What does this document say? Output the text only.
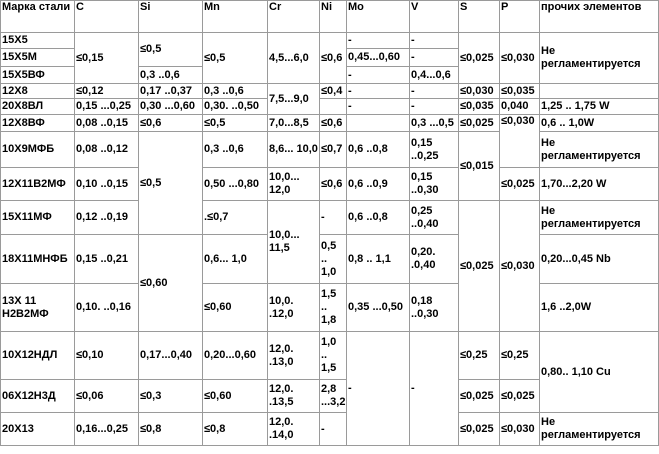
Марка стали	C	Si	Mn	Cr	Ni	Mo	V	S	P	прочих элементов
15Х5	≤0,15	≤0,5	≤0,5	4,5...6,0	≤0,6	-	-	≤0,025	≤0,030	Не регламентируется
15Х5М						0,45...0,60	-			
15Х5ВФ		0,3 ..0,6				-	0,4...0,6			
12Х8	≤0,12	0,17 ..0,37	0,3 ..0,6	7,5...9,0	≤0,4	-	-	≤0,030	≤0,035	
20Х8ВЛ	0,15 ...0,25	0,30 ...0,60	0,30. ..0,50			-	-	≤0,035	0,040	1,25 .. 1,75 W
12Х8ВФ	0,08 ..0,15	≤0,6	≤0,5	7,0...8,5	≤0,6		0,3 ...0,5	≤0,025	≤0,030	0,6 .. 1,0W
10Х9МФБ	0,08 ..0,12	≤0,5	0,3 ..0,6	8,6... 10,0	≤0,7	0,6 ..0,8	0,15 ..0,25	≤0,015		Не регламентируется
12Х11В2МФ	0,10 ..0,15		0,50 ...0,80	10,0... 12,0	≤0,6	0,6 ..0,9	0,15 ..0,30		≤0,025	1,70...2,20 W
15Х11МФ	0,12 ..0,19		.≤0,7	10,0... 11,5	-	0,6 ..0,8	0,25 ..0,40	≤0,025	≤0,030	Не регламентируется
18Х11МНФБ	0,15 ..0,21	≤0,60	0,6... 1,0		0,5 .. 1,0	0,8 .. 1,1	0,20. .0,40			0,20...0,45 Nb
13Х 11 Н2В2МФ	0,10. ..0,16		≤0,60	10,0. .12,0	1,5 .. 1,8	0,35 ...0,50	0,18 ..0,30			1,6 ..2,0W
10Х12НДЛ	≤0,10	0,17...0,40	0,20...0,60	12,0. .13,0	1,0 .. 1,5	-	-	≤0,25	≤0,25	0,80.. 1,10 Cu
06Х12Н3Д	≤0,06	≤0,3	≤0,60	12,0. .13,5	2,8 ...3,2			≤0,025	≤0,025	
20Х13	0,16...0,25	≤0,8	≤0,8	12,0. .14,0	-			≤0,025	≤0,030	Не регламентируется
